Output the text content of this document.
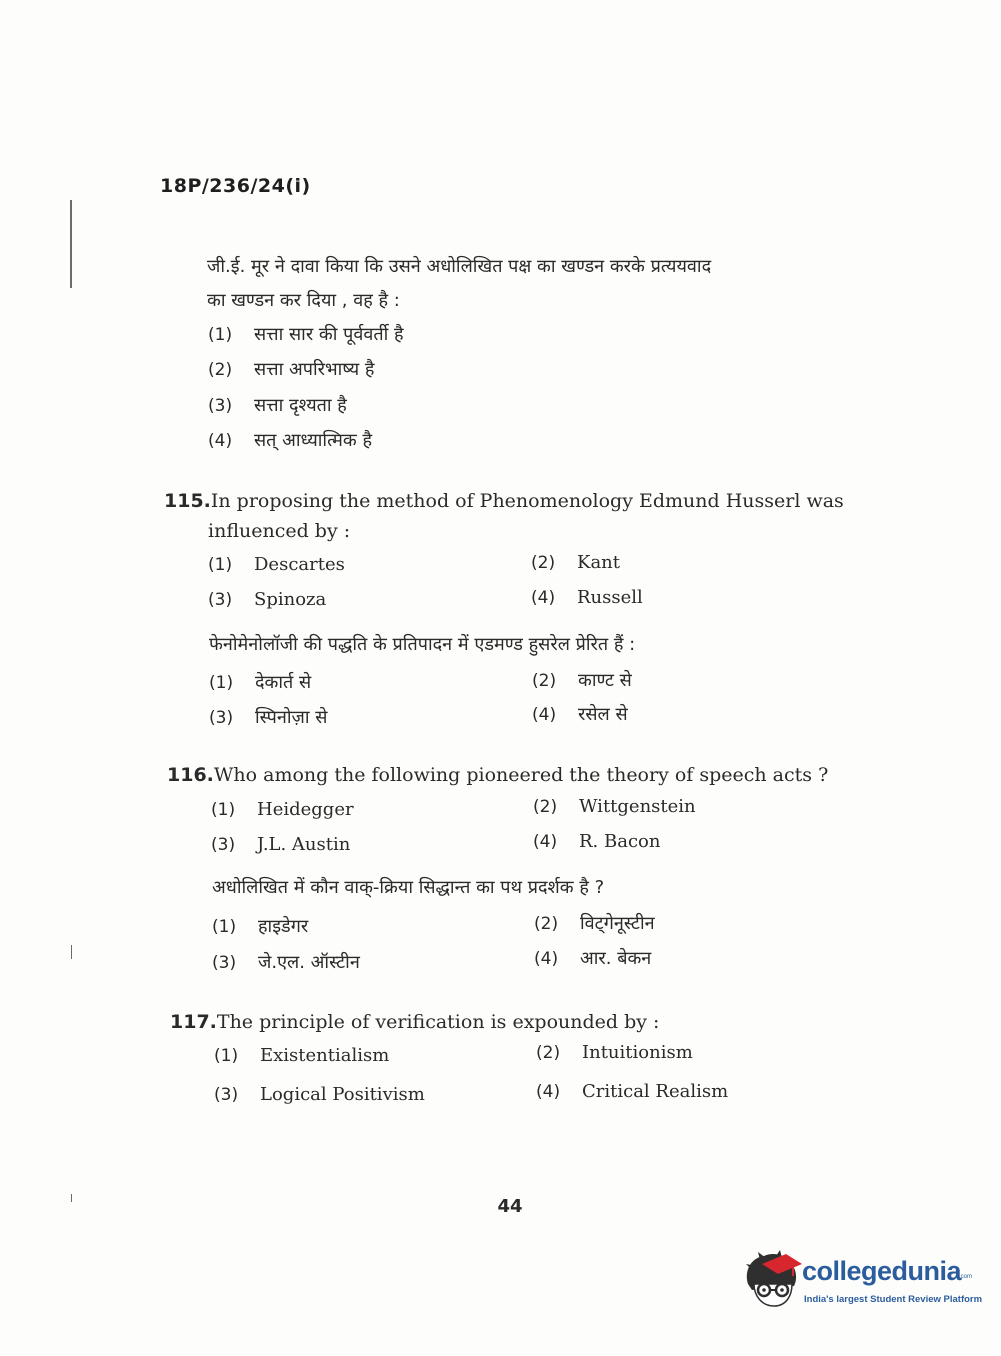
18P/236/24(i)
जी.ई. मूर ने दावा किया कि उसने अधोलिखित पक्ष का खण्डन करके प्रत्ययवाद
का खण्डन कर दिया , वह है :
(1) सत्ता सार की पूर्ववर्ती है
(2) सत्ता अपरिभाष्य है
(3) सत्ता दृश्यता है
(4) सत् आध्यात्मिक है
115.In proposing the method of Phenomenology Edmund Husserl was
influenced by :
(1) Descartes	(2) Kant
(3) Spinoza	(4) Russell
फेनोमेनोलॉजी की पद्धति के प्रतिपादन में एडमण्ड हुसरेल प्रेरित हैं :
(1) देकार्त से	(2) काण्ट से
(3) स्पिनोज़ा से	(4) रसेल से
116.Who among the following pioneered the theory of speech acts ?
(1) Heidegger	(2) Wittgenstein
(3) J.L. Austin	(4) R. Bacon
अधोलिखित में कौन वाक्-क्रिया सिद्धान्त का पथ प्रदर्शक है ?
(1) हाइडेगर	(2) विट्गेनूस्टीन
(3) जे.एल. ऑस्टीन	(4) आर. बेकन
117.The principle of verification is expounded by :
(1) Existentialism	(2) Intuitionism
(3) Logical Positivism	(4) Critical Realism
44
collegedunia
.com
India's largest Student Review Platform
